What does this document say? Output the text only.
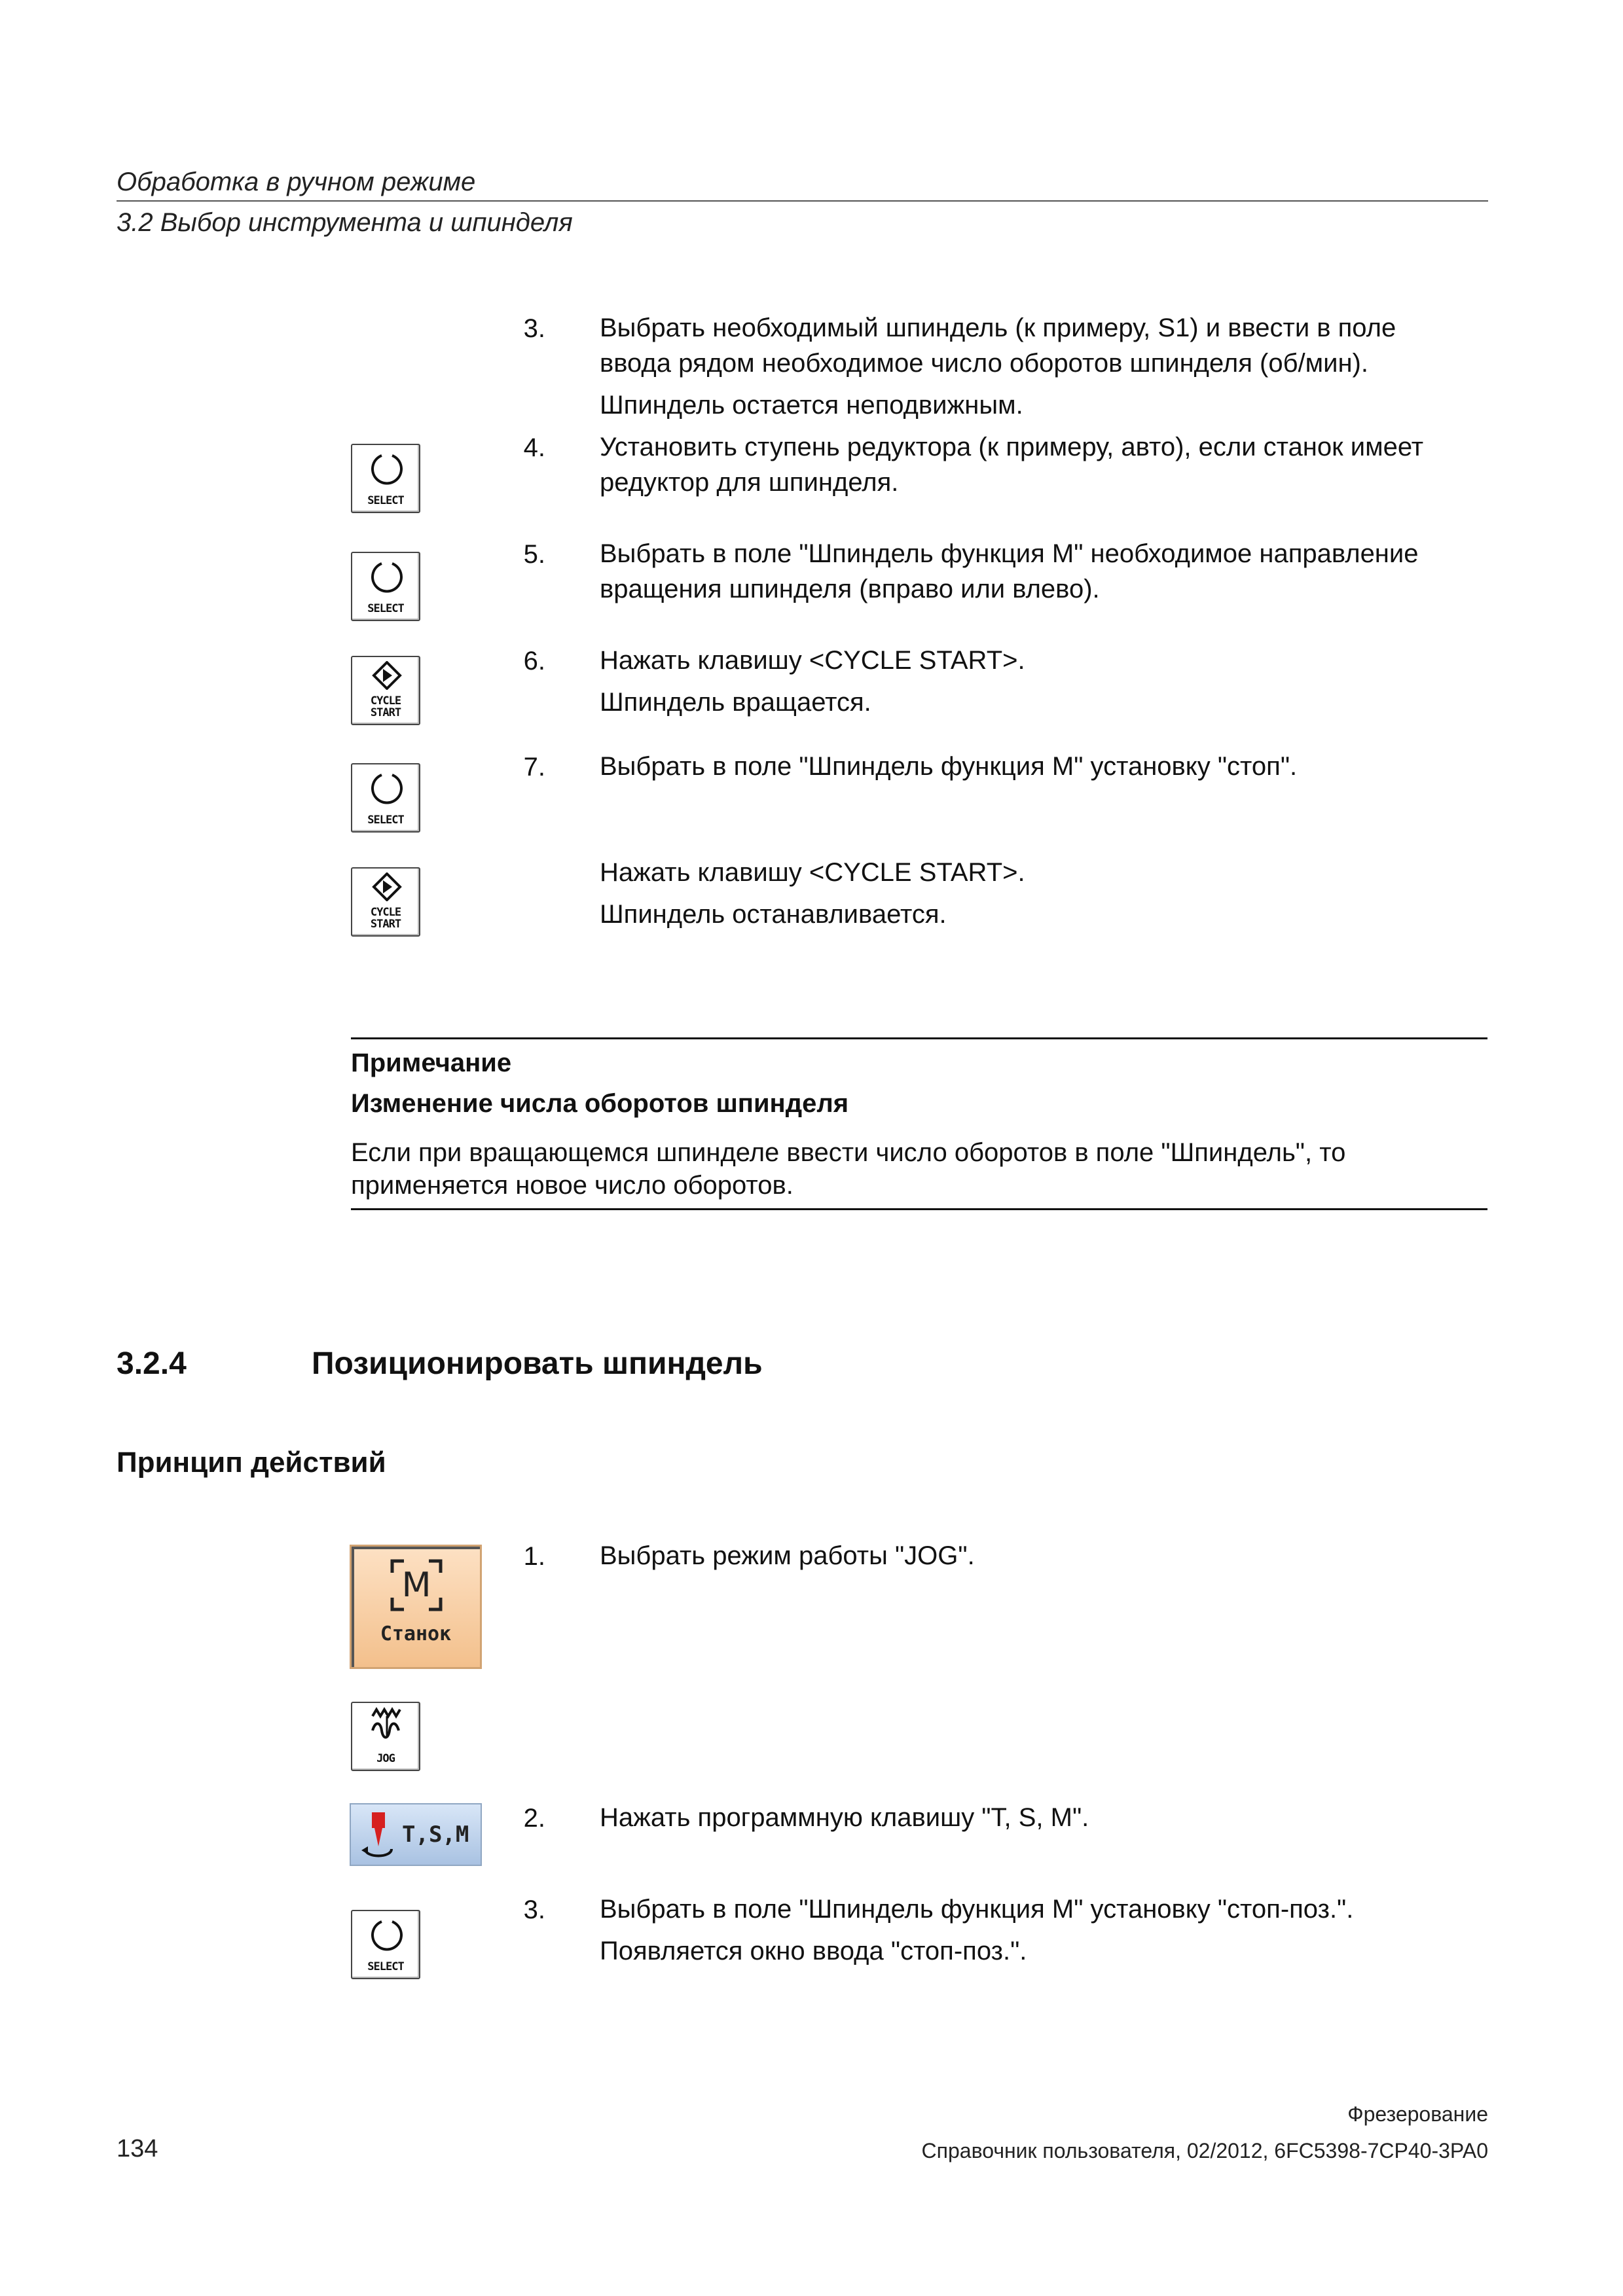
Обработка в ручном режиме
3.2 Выбор инструмента и шпинделя
3. Выбрать необходимый шпиндель (к примеру, S1) и ввести в поле
ввода рядом необходимое число оборотов шпинделя (об/мин).
Шпиндель остается неподвижным.
4. Установить ступень редуктора (к примеру, авто), если станок имеет
редуктор для шпинделя.
5. Выбрать в поле "Шпиндель функция M" необходимое направление
вращения шпинделя (вправо или влево).
6. Нажать клавишу <CYCLE START>.
Шпиндель вращается.
7. Выбрать в поле "Шпиндель функция M" установку "стоп".
Нажать клавишу <CYCLE START>.
Шпиндель останавливается.
SELECT
SELECT
CYCLE
START
SELECT
CYCLE
START
Примечание
Изменение числа оборотов шпинделя
Если при вращающемся шпинделе ввести число оборотов в поле "Шпиндель", то
применяется новое число оборотов.
3.2.4	Позиционировать шпиндель
Принцип действий
1. Выбрать режим работы "JOG".
2. Нажать программную клавишу "T, S, M".
3. Выбрать в поле "Шпиндель функция M" установку "стоп-поз.".
Появляется окно ввода "стоп-поз.".
M
Станок
JOG
T,S,M
SELECT
Фрезерование
134	Справочник пользователя, 02/2012, 6FC5398-7CP40-3PA0
